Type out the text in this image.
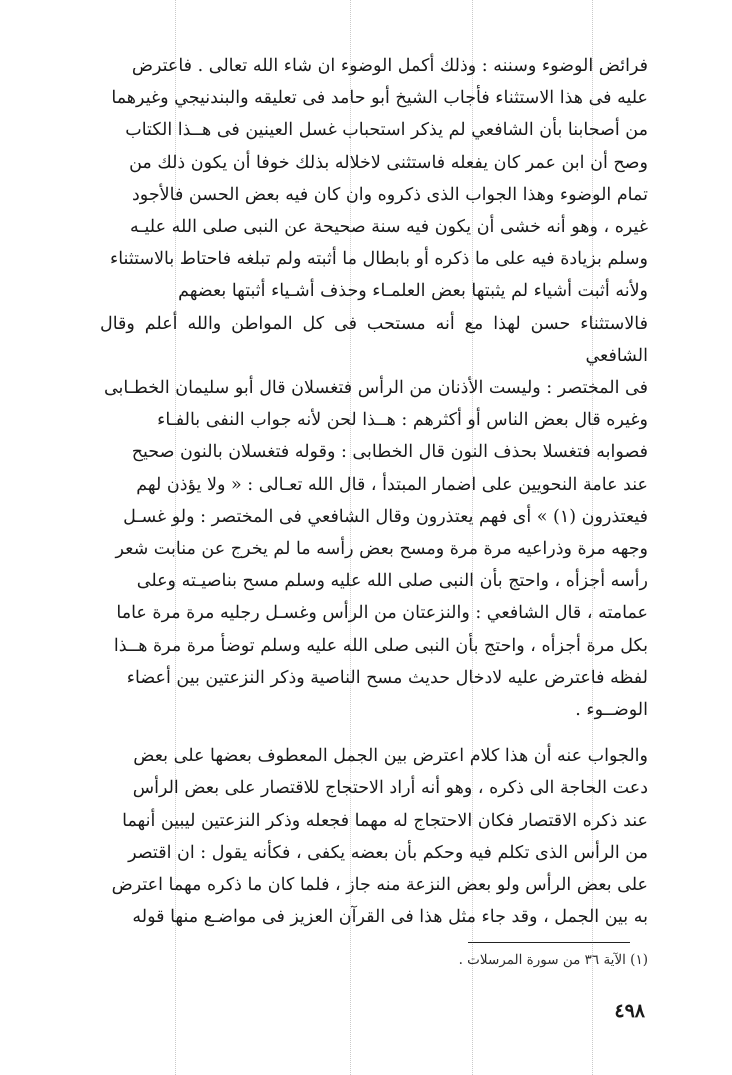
فرائض الوضوء وسننه : وذلك أكمل الوضوء ان شاء الله تعالى . فاعترض
عليه فى هذا الاستثناء فأجاب الشيخ أبو حامد فى تعليقه والبندنيجي وغيرهما
من أصحابنا بأن الشافعي لم يذكر استحباب غسل العينين فى هــذا الكتاب
وصح أن ابن عمر كان يفعله فاستثنى لاخلاله بذلك خوفا أن يكون ذلك من
تمام الوضوء وهذا الجواب الذى ذكروه وان كان فيه بعض الحسن فالأجود
غيره ، وهو أنه خشى أن يكون فيه سنة صحيحة عن النبى صلى الله عليـه
وسلم بزيادة فيه على ما ذكره أو بابطال ما أثبته ولم تبلغه فاحتاط بالاستثناء
ولأنه أثبت أشياء لم يثبتها بعض العلمـاء وحذف أشـياء أثبتها بعضهم
فالاستثناء حسن لهذا مع أنه مستحب فى كل المواطن والله أعلم وقال الشافعي
فى المختصر : وليست الأذنان من الرأس فتغسلان قال أبو سليمان الخطـابى
وغيره قال بعض الناس أو أكثرهم : هــذا لحن لأنه جواب النفى بالفـاء
فصوابه فتغسلا بحذف النون قال الخطابى : وقوله فتغسلان بالنون صحيح
عند عامة النحويين على اضمار المبتدأ ، قال الله تعـالى : « ولا يؤذن لهم
فيعتذرون (١) » أى فهم يعتذرون وقال الشافعي فى المختصر : ولو غسـل
وجهه مرة وذراعيه مرة مرة ومسح بعض رأسه ما لم يخرج عن منابت شعر
رأسه أجزأه ، واحتج بأن النبى صلى الله عليه وسلم مسح بناصيـته وعلى
عمامته ، قال الشافعي : والنزعتان من الرأس وغسـل رجليه مرة مرة عاما
بكل مرة أجزأه ، واحتج بأن النبى صلى الله عليه وسلم توضأ مرة مرة هــذا
لفظه فاعترض عليه لادخال حديث مسح الناصية وذكر النزعتين بين أعضاء
الوضــوء .

والجواب عنه أن هذا كلام اعترض بين الجمل المعطوف بعضها على بعض
دعت الحاجة الى ذكره ، وهو أنه أراد الاحتجاج للاقتصار على بعض الرأس
عند ذكره الاقتصار فكان الاحتجاج له مهما فجعله وذكر النزعتين ليبين أنهما
من الرأس الذى تكلم فيه وحكم بأن بعضه يكفى ، فكأنه يقول : ان اقتصر
على بعض الرأس ولو بعض النزعة منه جاز ، فلما كان ما ذكره مهما اعترض
به بين الجمل ، وقد جاء مثل هذا فى القرآن العزيز فى مواضـع منها قوله

(١) الآية ٣٦ من سورة المرسلات .
٤٩٨
